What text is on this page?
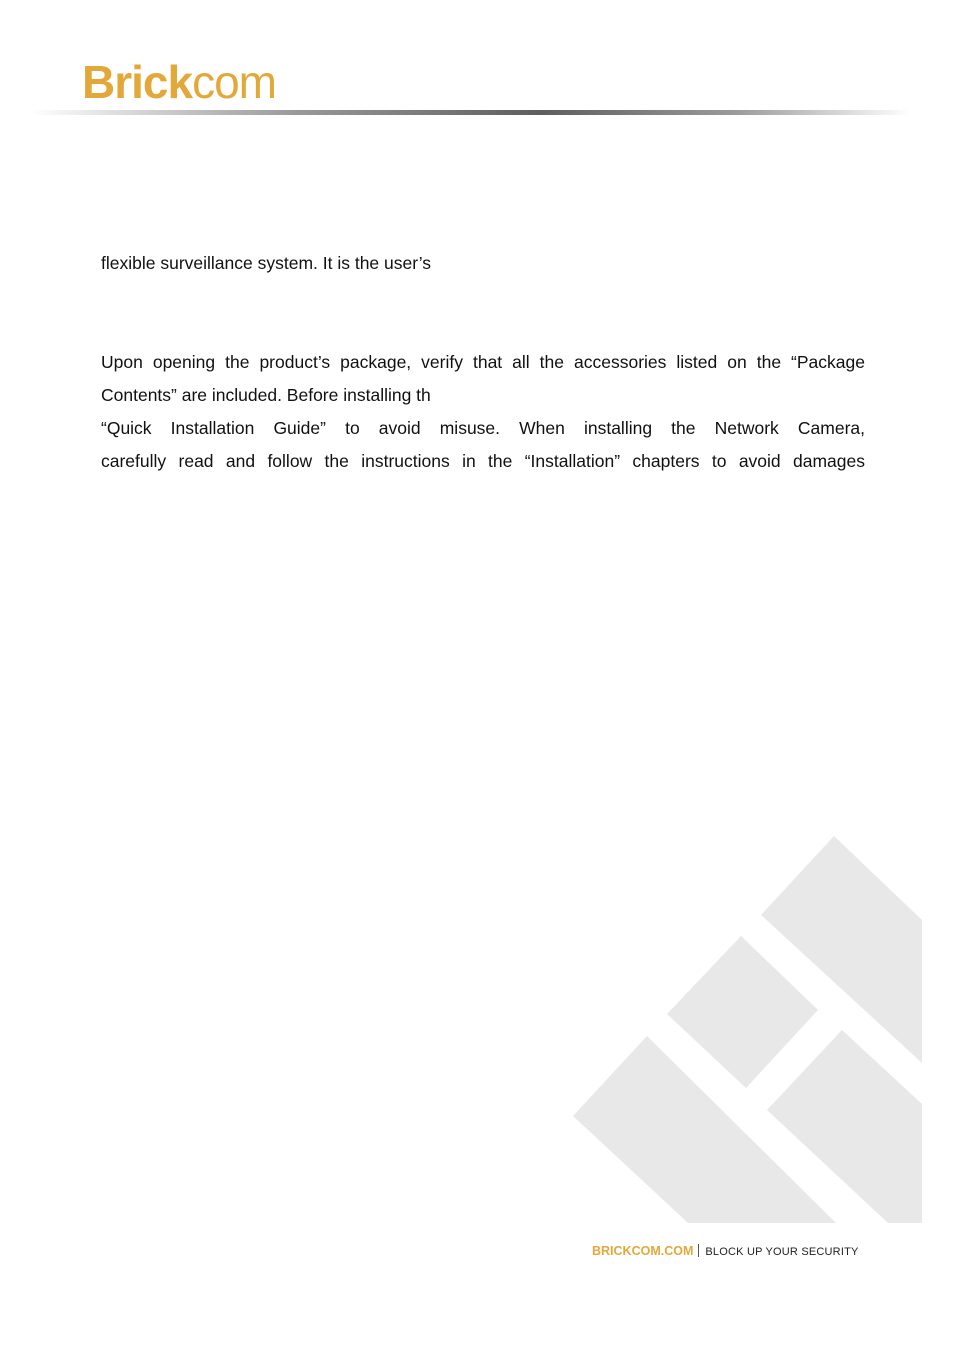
Brickcom
flexible surveillance system. It is the user’s
Upon opening the product’s package, verify that all the accessories listed on the “Package
Contents” are included. Before installing th
“Quick Installation Guide” to avoid misuse. When installing the Network Camera,
carefully read and follow the instructions in the “Installation” chapters to avoid damages
BRICKCOM.COM BLOCK UP YOUR SECURITY
